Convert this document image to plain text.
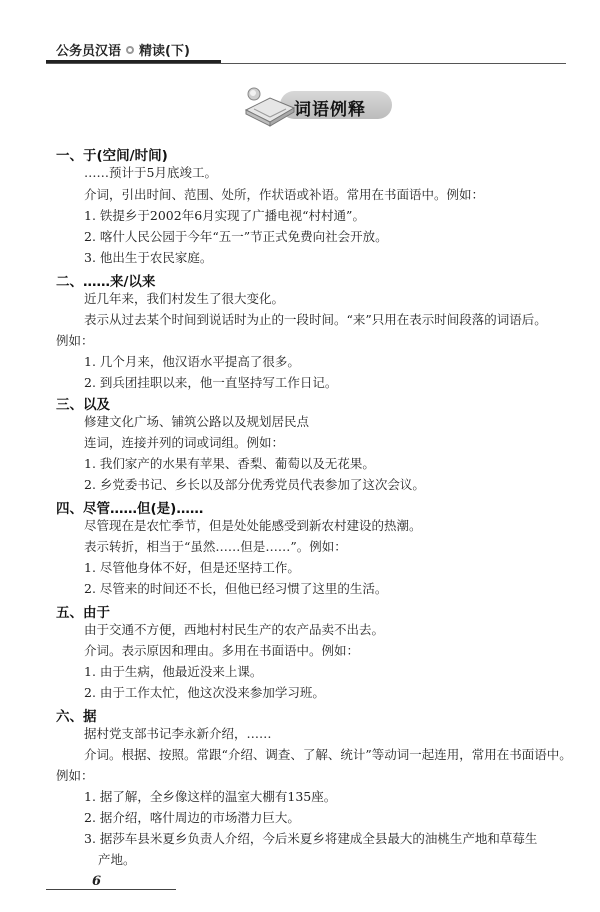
公务员汉语 精读(下)
词语例释
一、于(空间/时间)
……预计于5月底竣工。
介词，引出时间、范围、处所，作状语或补语。常用在书面语中。例如：
1. 铁提乡于2002年6月实现了广播电视“村村通”。
2. 喀什人民公园于今年“五一”节正式免费向社会开放。
3. 他出生于农民家庭。
二、……来/以来
近几年来，我们村发生了很大变化。
表示从过去某个时间到说话时为止的一段时间。“来”只用在表示时间段落的词语后。
例如：
1. 几个月来，他汉语水平提高了很多。
2. 到兵团挂职以来，他一直坚持写工作日记。
三、以及
修建文化广场、铺筑公路以及规划居民点
连词，连接并列的词或词组。例如：
1. 我们家产的水果有苹果、香梨、葡萄以及无花果。
2. 乡党委书记、乡长以及部分优秀党员代表参加了这次会议。
四、尽管……但(是)……
尽管现在是农忙季节，但是处处能感受到新农村建设的热潮。
表示转折，相当于“虽然……但是……”。例如：
1. 尽管他身体不好，但是还坚持工作。
2. 尽管来的时间还不长，但他已经习惯了这里的生活。
五、由于
由于交通不方便，西地村村民生产的农产品卖不出去。
介词。表示原因和理由。多用在书面语中。例如：
1. 由于生病，他最近没来上课。
2. 由于工作太忙，他这次没来参加学习班。
六、据
据村党支部书记李永新介绍，……
介词。根据、按照。常跟“介绍、调查、了解、统计”等动词一起连用，常用在书面语中。
例如：
1. 据了解，全乡像这样的温室大棚有135座。
2. 据介绍，喀什周边的市场潜力巨大。
3. 据莎车县米夏乡负责人介绍，今后米夏乡将建成全县最大的油桃生产地和草莓生
产地。
6
